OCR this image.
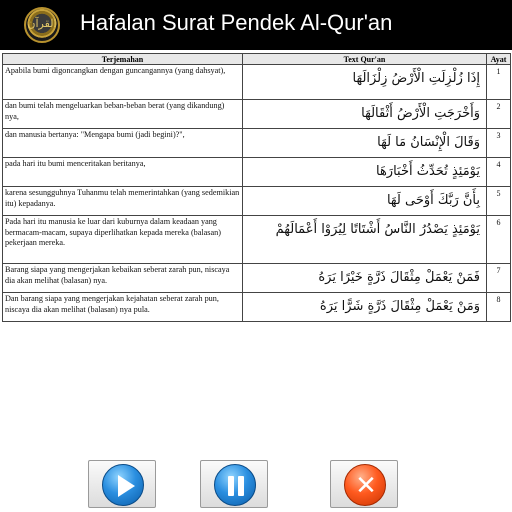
القرآن Hafalan Surat Pendek Al-Qur'an
Terjemahan	Text Qur'an	Ayat
Apabila bumi digoncangkan dengan guncangannya (yang dahsyat),	إِذَا زُلْزِلَتِ الْأَرْضُ زِلْزَالَهَا	1
dan bumi telah mengeluarkan beban-beban berat (yang dikandung) nya,	وَأَخْرَجَتِ الْأَرْضُ أَثْقَالَهَا	2
dan manusia bertanya: "Mengapa bumi (jadi begini)?",	وَقَالَ الْإِنْسَانُ مَا لَهَا	3
pada hari itu bumi menceritakan beritanya,	يَوْمَئِذٍ تُحَدِّثُ أَخْبَارَهَا	4
karena sesungguhnya Tuhanmu telah memerintahkan (yang sedemikian itu) kepadanya.	بِأَنَّ رَبَّكَ أَوْحَى لَهَا	5
Pada hari itu manusia ke luar dari kuburnya dalam keadaan yang bermacam-macam, supaya diperlihatkan kepada mereka (balasan) pekerjaan mereka.	يَوْمَئِذٍ يَصْدُرُ النَّاسُ أَشْتَاتًا لِيُرَوْا أَعْمَالَهُمْ	6
Barang siapa yang mengerjakan kebaikan seberat zarah pun, niscaya dia akan melihat (balasan) nya.	فَمَنْ يَعْمَلْ مِثْقَالَ ذَرَّةٍ خَيْرًا يَرَهُ	7
Dan barang siapa yang mengerjakan kejahatan seberat zarah pun, niscaya dia akan melihat (balasan) nya pula.	وَمَنْ يَعْمَلْ مِثْقَالَ ذَرَّةٍ شَرًّا يَرَهُ	8
✕
